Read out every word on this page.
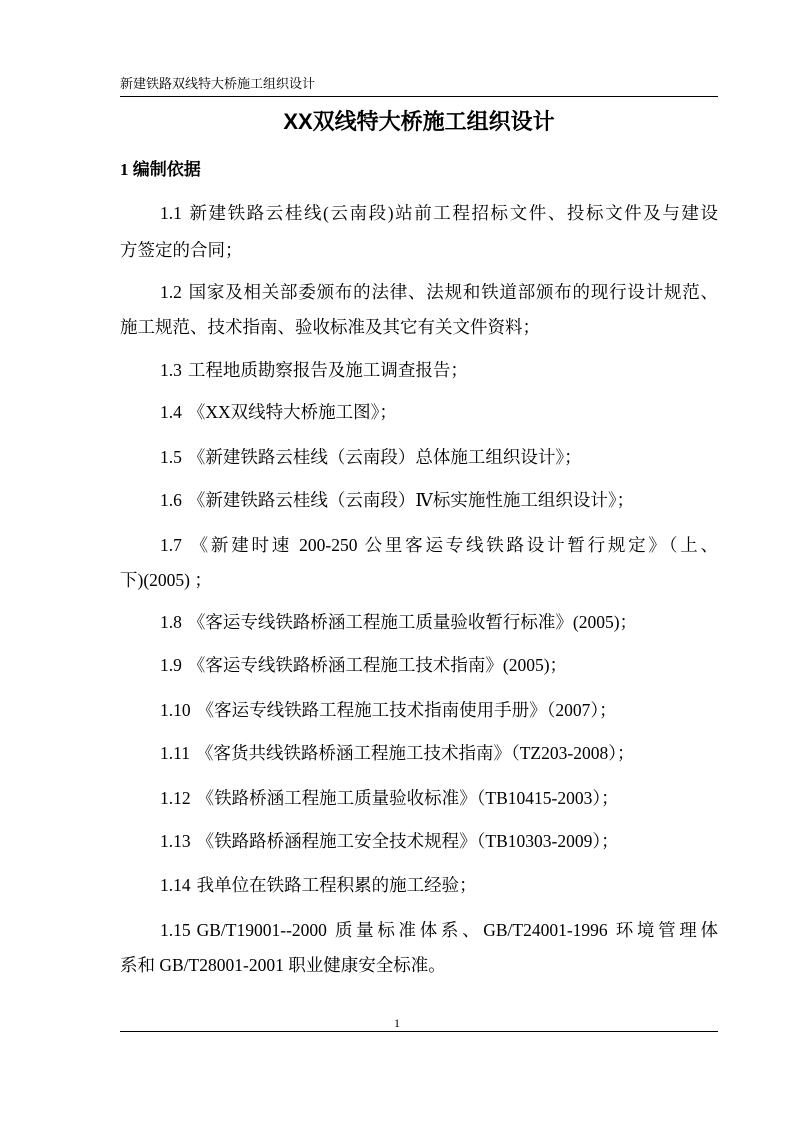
新建铁路双线特大桥施工组织设计
XX双线特大桥施工组织设计
1 编制依据
1.1 新建铁路云桂线(云南段)站前工程招标文件、投标文件及与建设
方签定的合同；
1.2 国家及相关部委颁布的法律、法规和铁道部颁布的现行设计规范、
施工规范、技术指南、验收标准及其它有关文件资料；
1.3 工程地质勘察报告及施工调查报告；
1.4 《XX双线特大桥施工图》；
1.5 《新建铁路云桂线（云南段）总体施工组织设计》；
1.6 《新建铁路云桂线（云南段）Ⅳ标实施性施工组织设计》；
1.7 《新建时速 200-250 公里客运专线铁路设计暂行规定》（上、
下)(2005) ；
1.8 《客运专线铁路桥涵工程施工质量验收暂行标准》(2005)；
1.9 《客运专线铁路桥涵工程施工技术指南》(2005)；
1.10 《客运专线铁路工程施工技术指南使用手册》（2007）；
1.11 《客货共线铁路桥涵工程施工技术指南》（TZ203-2008）；
1.12 《铁路桥涵工程施工质量验收标准》（TB10415-2003）；
1.13 《铁路路桥涵程施工安全技术规程》（TB10303-2009）；
1.14 我单位在铁路工程积累的施工经验；
1.15 GB/T19001--2000 质量标准体系、GB/T24001-1996 环境管理体
系和 GB/T28001-2001 职业健康安全标准。
1
